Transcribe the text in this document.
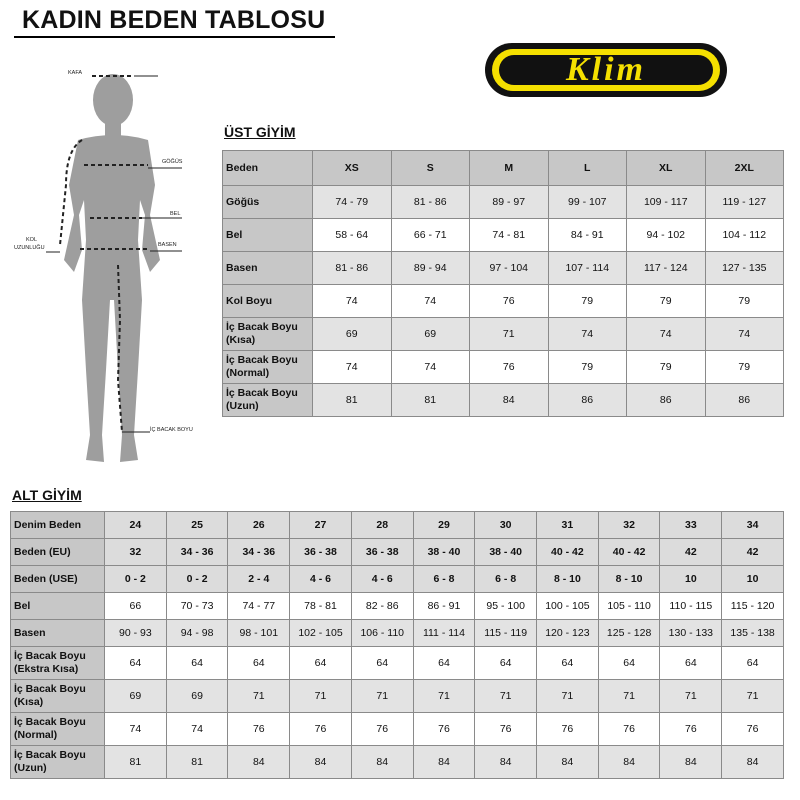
KADIN BEDEN TABLOSU
Klim
KAFA
GÖĞÜS
BEL
BASEN
KOL
UZUNLUĞU
İÇ BACAK BOYU
ÜST GİYİM
Beden	XS	S	M	L	XL	2XL

Göğüs	74 - 79	81 - 86	89 - 97	99 - 107	109 - 117	119 - 127

Bel	58 - 64	66 - 71	74 - 81	84 - 91	94 - 102	104 - 112

Basen	81 - 86	89 - 94	97 - 104	107 - 114	117 - 124	127 - 135

Kol Boyu	74	74	76	79	79	79

İç Bacak Boyu
(Kısa)	69	69	71	74	74	74

İç Bacak Boyu
(Normal)	74	74	76	79	79	79

İç Bacak Boyu
(Uzun)	81	81	84	86	86	86
ALT GİYİM
Denim Beden	24	25	26	27	28	29	30	31	32	33	34

Beden (EU)	32	34 - 36	34 - 36	36 - 38	36 - 38	38 - 40	38 - 40	40 - 42	40 - 42	42	42

Beden (USE)	0 - 2	0 - 2	2 - 4	4 - 6	4 - 6	6 - 8	6 - 8	8 - 10	8 - 10	10	10

Bel	66	70 - 73	74 - 77	78 - 81	82 - 86	86 - 91	95 - 100	100 - 105	105 - 110	110 - 115	115 - 120

Basen	90 - 93	94 - 98	98 - 101	102 - 105	106 - 110	111 - 114	115 - 119	120 - 123	125 - 128	130 - 133	135 - 138

İç Bacak Boyu
(Ekstra Kısa)	64	64	64	64	64	64	64	64	64	64	64

İç Bacak Boyu
(Kısa)	69	69	71	71	71	71	71	71	71	71	71

İç Bacak Boyu
(Normal)	74	74	76	76	76	76	76	76	76	76	76

İç Bacak Boyu
(Uzun)	81	81	84	84	84	84	84	84	84	84	84
